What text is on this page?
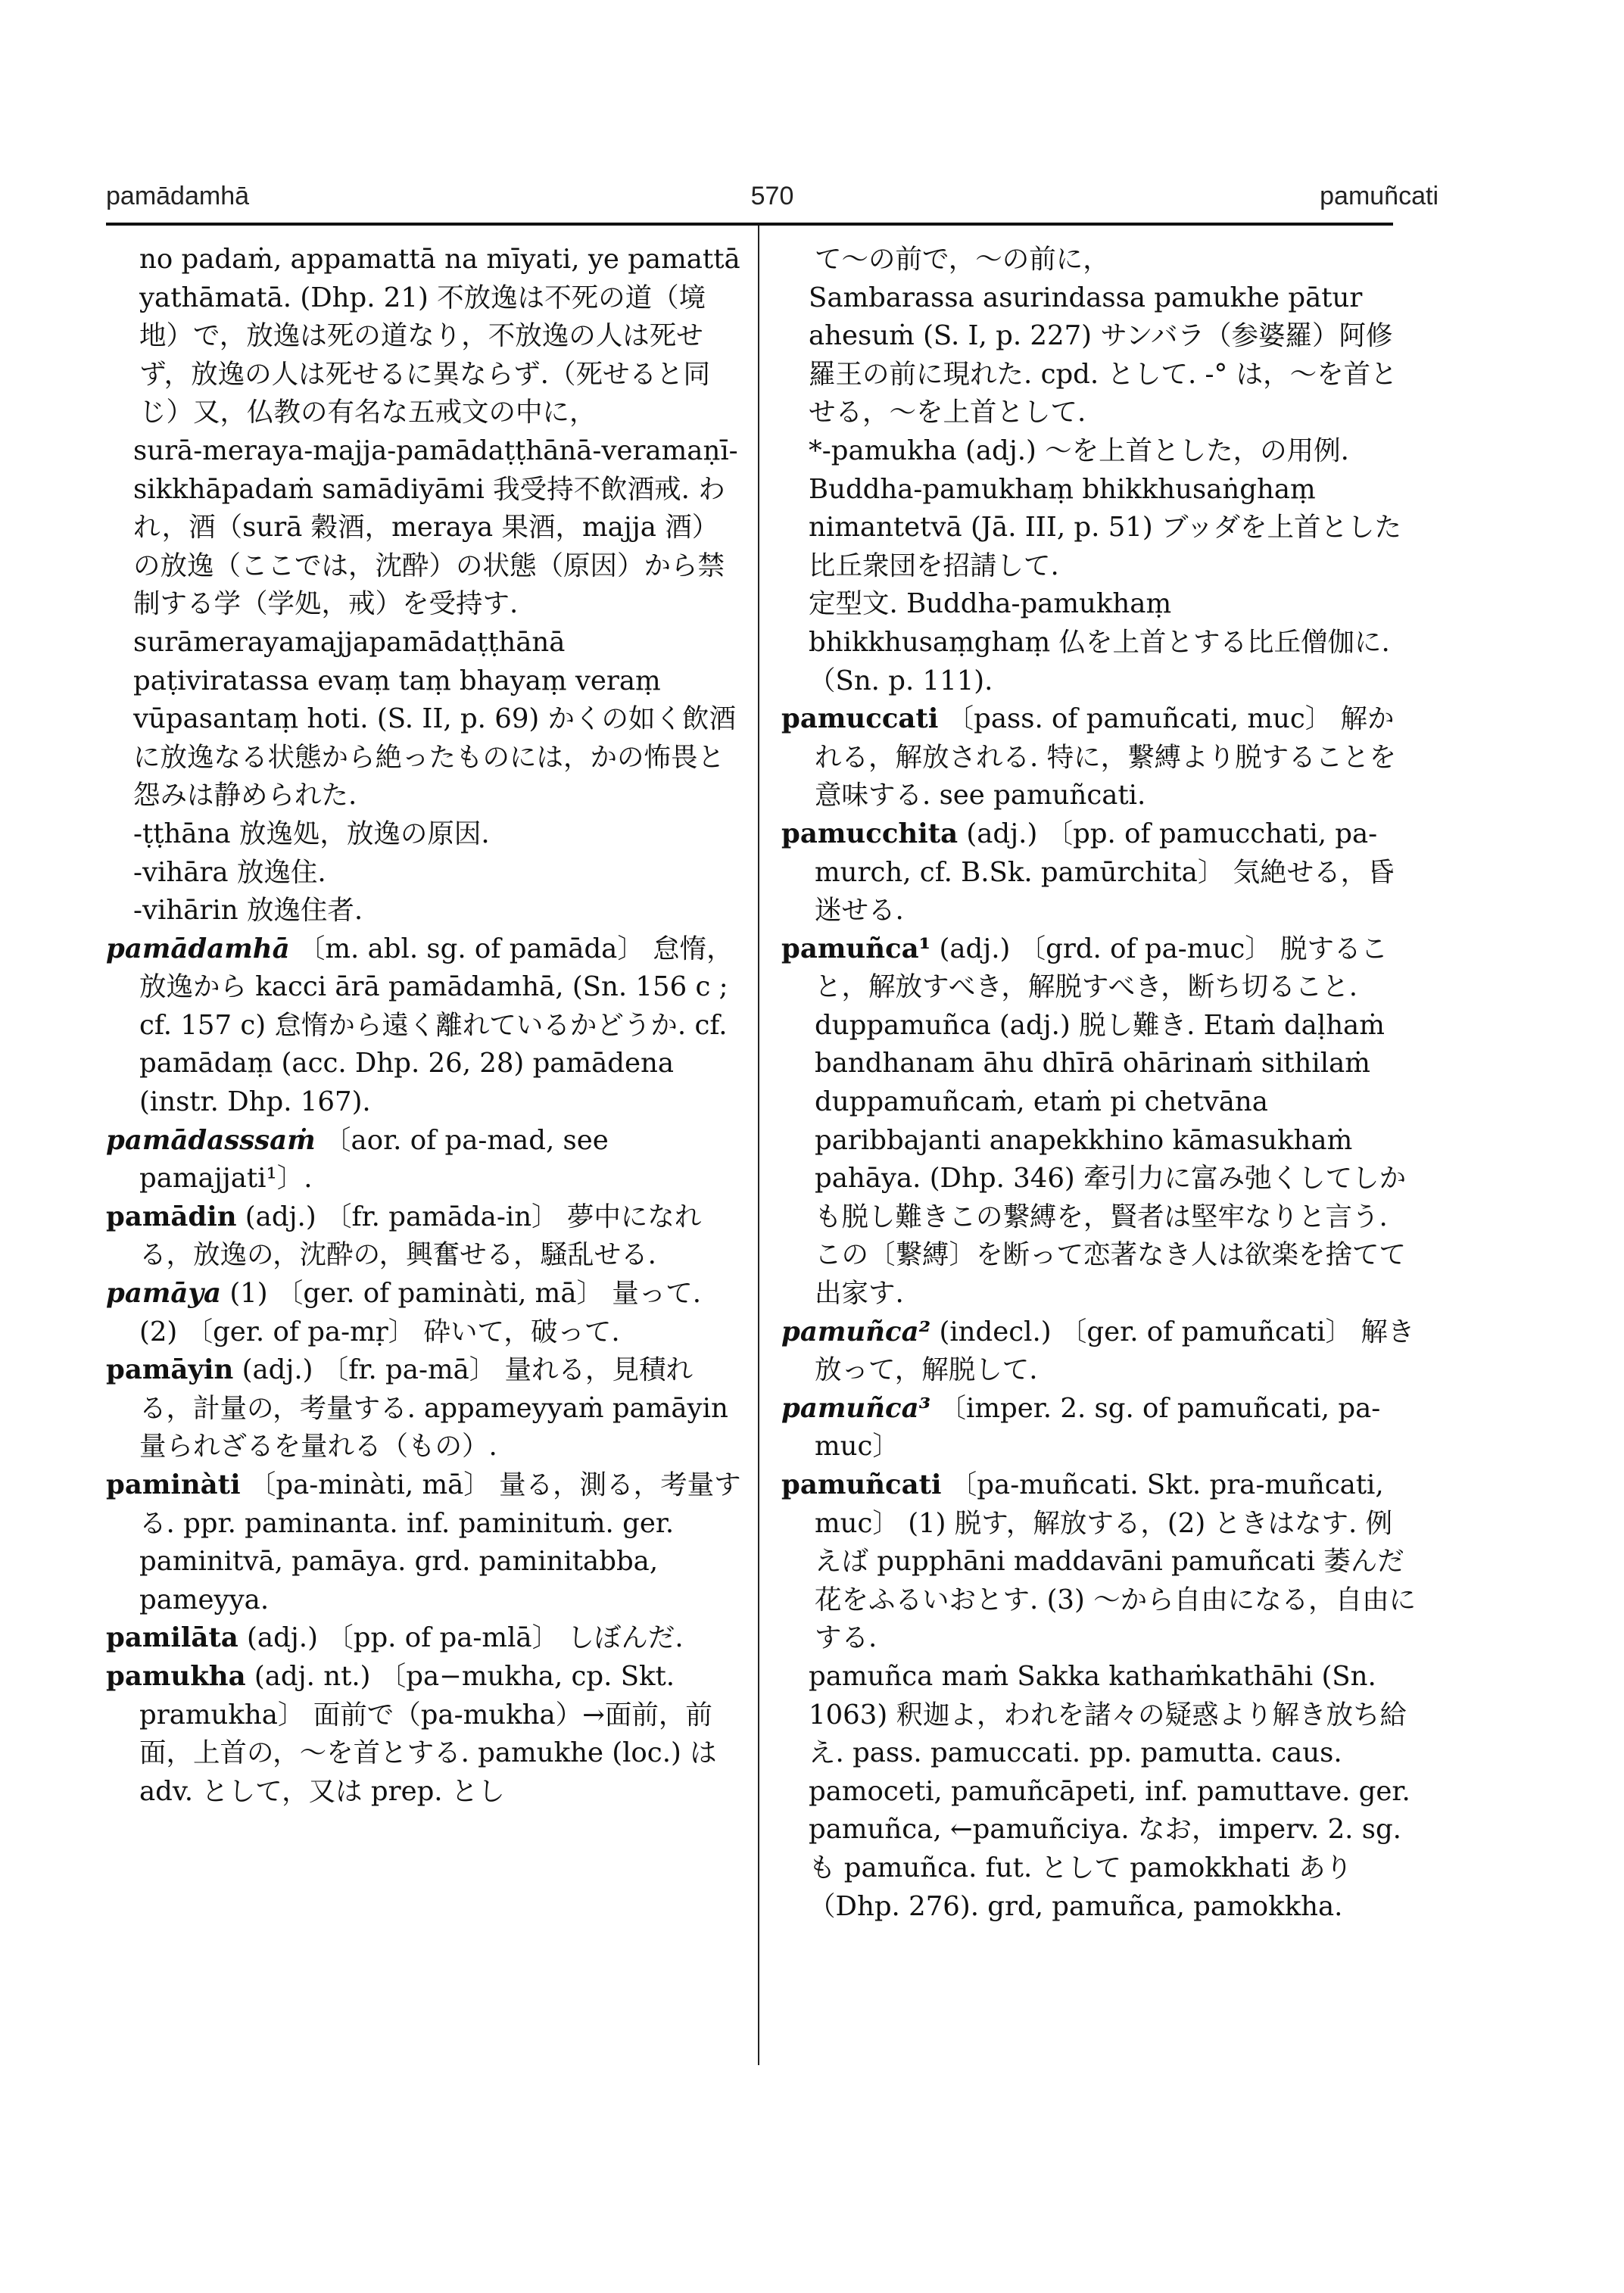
pamādamhā	570	pamuñcati
no padaṁ, appamattā na mīyati, ye pamattā yathāmatā. (Dhp. 21) 不放逸は不死の道（境地）で，放逸は死の道なり，不放逸の人は死せず，放逸の人は死せるに異ならず.（死せると同じ）又，仏教の有名な五戒文の中に，
surā-meraya-majja-pamādaṭṭhānā-veramaṇī-sikkhāpadaṁ samādiyāmi 我受持不飲酒戒. われ，酒（surā 穀酒，meraya 果酒，majja 酒）の放逸（ここでは，沈酔）の状態（原因）から禁制する学（学処，戒）を受持す.
surāmerayamajjapamādaṭṭhānā paṭiviratassa evaṃ taṃ bhayaṃ veraṃ vūpasantaṃ hoti. (S. II, p. 69) かくの如く飲酒に放逸なる状態から絶ったものには，かの怖畏と怨みは静められた.
-ṭṭhāna 放逸処，放逸の原因.
-vihāra 放逸住.
-vihārin 放逸住者.
pamādamhā 〔m. abl. sg. of pamāda〕 怠惰，放逸から kacci ārā pamādamhā, (Sn. 156 c ; cf. 157 c) 怠惰から遠く離れているかどうか. cf. pamādaṃ (acc. Dhp. 26, 28) pamādena (instr. Dhp. 167).
pamādasssaṁ 〔aor. of pa-mad, see pamajjati¹〕.
pamādin (adj.) 〔fr. pamāda-in〕 夢中になれる，放逸の，沈酔の，興奮せる，騒乱せる.
pamāya (1) 〔ger. of paminàti, mā〕 量って. (2) 〔ger. of pa-mṛ〕 砕いて，破って.
pamāyin (adj.) 〔fr. pa-mā〕 量れる，見積れる，計量の，考量する. appameyyaṁ pamāyin 量られざるを量れる（もの）.
paminàti 〔pa-minàti, mā〕 量る，測る，考量する. ppr. paminanta. inf. paminituṁ. ger. paminitvā, pamāya. grd. paminitabba, pameyya.
pamilāta (adj.) 〔pp. of pa-mlā〕 しぼんだ.
pamukha (adj. nt.) 〔pa−mukha, cp. Skt. pramukha〕 面前で（pa-mukha）→面前，前面，上首の，〜を首とする. pamukhe (loc.) は adv. として，又は prep. とし
て〜の前で，〜の前に，
Sambarassa asurindassa pamukhe pātur ahesuṁ (S. I, p. 227) サンバラ（参婆羅）阿修羅王の前に現れた. cpd. として. -° は，〜を首とせる，〜を上首として.
*-pamukha (adj.) 〜を上首とした，の用例. Buddha-pamukhaṃ bhikkhusaṅghaṃ nimantetvā (Jā. III, p. 51) ブッダを上首とした比丘衆団を招請して.
定型文. Buddha-pamukhaṃ bhikkhusaṃghaṃ 仏を上首とする比丘僧伽に.（Sn. p. 111).
pamuccati 〔pass. of pamuñcati, muc〕 解かれる，解放される. 特に，繋縛より脱することを意味する. see pamuñcati.
pamucchita (adj.) 〔pp. of pamucchati, pa-murch, cf. B.Sk. pamūrchita〕 気絶せる，昏迷せる.
pamuñca¹ (adj.) 〔grd. of pa-muc〕 脱すること，解放すべき，解脱すべき，断ち切ること. duppamuñca (adj.) 脱し難き. Etaṁ daḷhaṁ bandhanam āhu dhīrā ohārinaṁ sithilaṁ duppamuñcaṁ, etaṁ pi chetvāna paribbajanti anapekkhino kāmasukhaṁ pahāya. (Dhp. 346) 牽引力に富み弛くしてしかも脱し難きこの繋縛を，賢者は堅牢なりと言う. この〔繋縛〕を断って恋著なき人は欲楽を捨てて出家す.
pamuñca² (indecl.) 〔ger. of pamuñcati〕 解き放って，解脱して.
pamuñca³ 〔imper. 2. sg. of pamuñcati, pa-muc〕
pamuñcati 〔pa-muñcati. Skt. pra-muñcati, muc〕 (1) 脱す，解放する，(2) ときはなす. 例えば pupphāni maddavāni pamuñcati 萎んだ花をふるいおとす. (3) 〜から自由になる，自由にする.
pamuñca maṁ Sakka kathaṁkathāhi (Sn. 1063) 釈迦よ，われを諸々の疑惑より解き放ち給え. pass. pamuccati. pp. pamutta. caus. pamoceti, pamuñcāpeti, inf. pamuttave. ger. pamuñca, ←pamuñciya. なお，imperv. 2. sg. も pamuñca. fut. として pamokkhati あり（Dhp. 276). grd, pamuñca, pamokkha.
